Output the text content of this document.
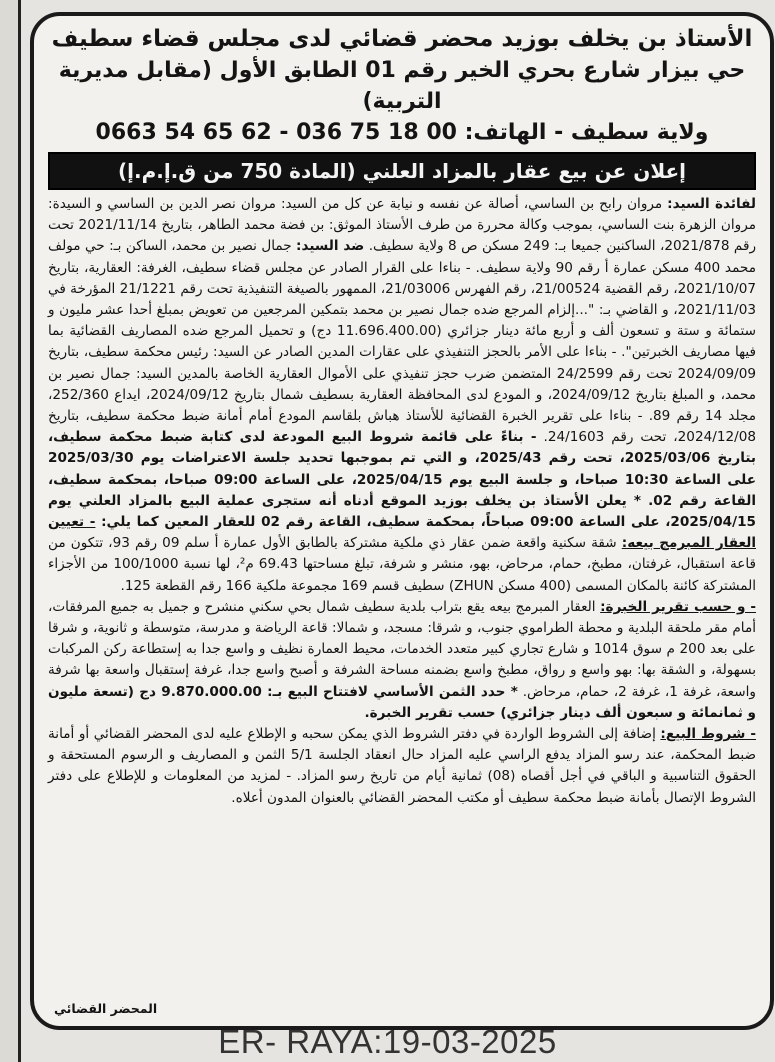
الأستاذ بن يخلف بوزيد محضر قضائي لدى مجلس قضاء سطيف
حي بيزار شارع بحري الخير رقم 01 الطابق الأول (مقابل مديرية التربية)
ولاية سطيف - الهاتف: 00 18 75 036 - 62 65 54 0663
إعلان عن بيع عقار بالمزاد العلني (المادة 750 من ق.إ.م.إ)

لفائدة السيد: مروان رابح بن الساسي، أصالة عن نفسه و نيابة عن كل من السيد: مروان نصر الدين بن الساسي و السيدة: مروان الزهرة بنت الساسي، بموجب وكالة محررة من طرف الأستاذ الموثق: بن فضة محمد الطاهر، بتاريخ 2021/11/14 تحت رقم 2021/878، الساكنين جميعا بـ: 249 مسكن ص 8 ولاية سطيف. ضد السيد: جمال نصير بن محمد، الساكن بـ: حي مولف محمد 400 مسكن عمارة أ رقم 90 ولاية سطيف. - بناءا على القرار الصادر عن مجلس قضاء سطيف، الغرفة: العقارية، بتاريخ 2021/10/07، رقم القضية 21/00524، رقم الفهرس 21/03006، الممهور بالصيغة التنفيذية تحت رقم 21/1221 المؤرخة في 2021/11/03، و القاضي بـ: "...إلزام المرجع ضده جمال نصير بن محمد بتمكين المرجعين من تعويض بمبلغ أحدا عشر مليون و ستمائة و ستة و تسعون ألف و أربع مائة دينار جزائري (11.696.400.00 دج) و تحميل المرجع ضده المصاريف القضائية بما فيها مصاريف الخبرتين". - بناءا على الأمر بالحجز التنفيذي على عقارات المدين الصادر عن السيد: رئيس محكمة سطيف، بتاريخ 2024/09/09 تحت رقم 24/2599 المتضمن ضرب حجز تنفيذي على الأموال العقارية الخاصة بالمدين السيد: جمال نصير بن محمد، و المبلغ بتاريخ 2024/09/12، و المودع لدى المحافظة العقارية بسطيف شمال بتاريخ 2024/09/12، ايداع 252/360، مجلد 14 رقم 89. - بناءا على تقرير الخبرة القضائية للأستاذ هباش بلقاسم المودع أمام أمانة ضبط محكمة سطيف، بتاريخ 2024/12/08، تحت رقم 24/1603. - بناءً على قائمة شروط البيع المودعة لدى كتابة ضبط محكمة سطيف، بتاريخ 2025/03/06، تحت رقم 2025/43، و التي تم بموجبها تحديد جلسة الاعتراضات يوم 2025/03/30 على الساعة 10:30 صباحا، و جلسة البيع يوم 2025/04/15، على الساعة 09:00 صباحا، بمحكمة سطيف، القاعة رقم 02. * يعلن الأستاذ بن يخلف بوزيد الموقع أدناه أنه ستجرى عملية البيع بالمزاد العلني يوم 2025/04/15، على الساعة 09:00 صباحاً، بمحكمة سطيف، القاعة رقم 02 للعقار المعين كما يلي: - تعيين العقار المبرمج بيعه: شقة سكنية واقعة ضمن عقار ذي ملكية مشتركة بالطابق الأول عمارة أ سلم 09 رقم 93، تتكون من قاعة استقبال، غرفتان، مطبخ، حمام، مرحاض، بهو، منشر و شرفة، تبلغ مساحتها 69.43 م²، لها نسبة 100/1000 من الأجزاء المشتركة كائنة بالمكان المسمى (400 مسكن ZHUN) سطيف قسم 169 مجموعة ملكية 166 رقم القطعة 125.

- و حسب تقرير الخبرة: العقار المبرمج بيعه يقع بتراب بلدية سطيف شمال بحي سكني منشرح و جميل به جميع المرفقات، أمام مقر ملحقة البلدية و محطة الطراموي جنوب، و شرقا: مسجد، و شمالا: قاعة الرياضة و مدرسة، متوسطة و ثانوية، و شرقا على بعد 200 م سوق 1014 و شارع تجاري كبير متعدد الخدمات، محيط العمارة نظيف و واسع جدا به إستطاعة ركن المركبات بسهولة، و الشقة بها: بهو واسع و رواق، مطبخ واسع بضمنه مساحة الشرفة و أصبح واسع جدا، غرفة إستقبال واسعة بها شرفة واسعة، غرفة 1، غرفة 2، حمام، مرحاض. * حدد الثمن الأساسي لافتتاح البيع بـ: 9.870.000.00 دج (تسعة مليون و ثمانمائة و سبعون ألف دينار جزائري) حسب تقرير الخبرة.

- شروط البيع: إضافة إلى الشروط الواردة في دفتر الشروط الذي يمكن سحبه و الإطلاع عليه لدى المحضر القضائي أو أمانة ضبط المحكمة، عند رسو المزاد يدفع الراسي عليه المزاد حال انعقاد الجلسة 5/1 الثمن و المصاريف و الرسوم المستحقة و الحقوق التناسبية و الباقي في أجل أقصاه (08) ثمانية أيام من تاريخ رسو المزاد. - لمزيد من المعلومات و للإطلاع على دفتر الشروط الإتصال بأمانة ضبط محكمة سطيف أو مكتب المحضر القضائي بالعنوان المدون أعلاه.

المحضر القضائي
ER- RAYA:19-03-2025
